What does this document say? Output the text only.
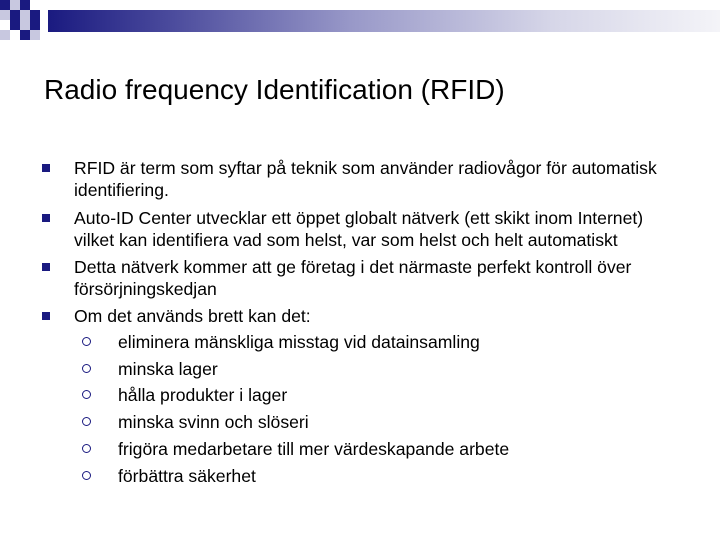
Radio frequency Identification (RFID)
RFID är term som syftar på teknik som använder radiovågor för automatisk identifiering.
Auto-ID Center utvecklar ett öppet globalt nätverk (ett skikt inom Internet) vilket kan identifiera vad som helst, var som helst och helt automatiskt
Detta nätverk kommer att ge företag i det närmaste perfekt kontroll över försörjningskedjan
Om det används brett kan det:
eliminera mänskliga misstag vid datainsamling
minska lager
hålla produkter i lager
minska svinn och slöseri
frigöra medarbetare till mer värdeskapande arbete
förbättra säkerhet
